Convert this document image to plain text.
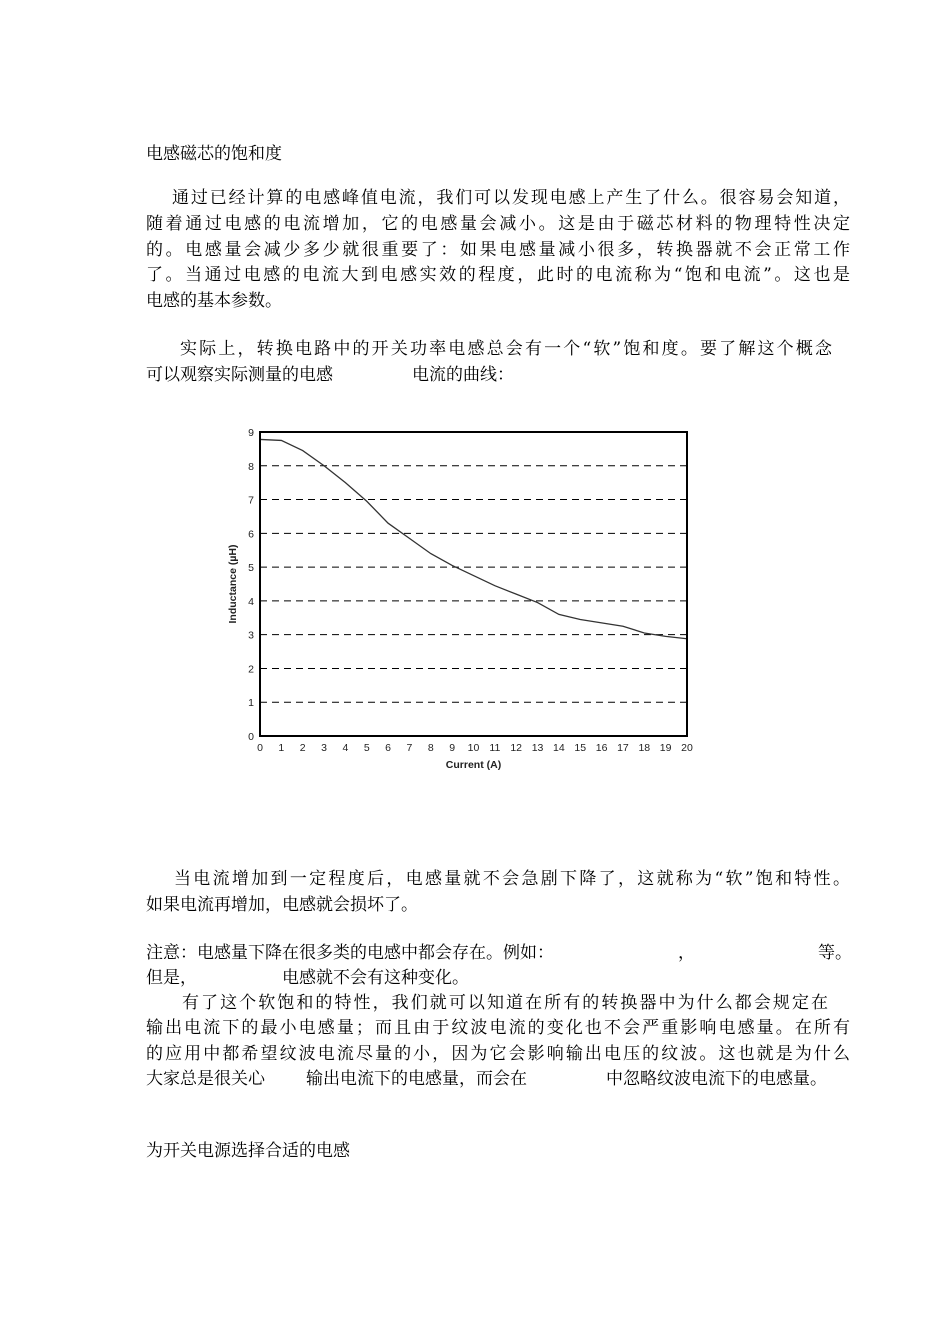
电感磁芯的饱和度

通过已经计算的电感峰值电流，我们可以发现电感上产生了什么。很容易会知道，

随着通过电感的电流增加，它的电感量会减小。这是由于磁芯材料的物理特性决定

的。电感量会减少多少就很重要了：如果电感量减小很多，转换器就不会正常工作

了。当通过电感的电流大到电感实效的程度，此时的电流称为“饱和电流”。这也是

电感的基本参数。

实际上，转换电路中的开关功率电感总会有一个“软”饱和度。要了解这个概念

可以观察实际测量的电感	电流的曲线：

0
1
2
3
4
5
6
7
8
9
0 1 2 3 4 5 6 7 8 9 10 11 12 13 14 15 16 17 18 19 20
Current (A)
Inductance (µH)

当电流增加到一定程度后，电感量就不会急剧下降了，这就称为“软”饱和特性。

如果电流再增加，电感就会损坏了。

注意：电感量下降在很多类的电感中都会存在。例如：	，	等。

但是，	电感就不会有这种变化。

有了这个软饱和的特性，我们就可以知道在所有的转换器中为什么都会规定在

输出电流下的最小电感量；而且由于纹波电流的变化也不会严重影响电感量。在所有

的应用中都希望纹波电流尽量的小，因为它会影响输出电压的纹波。这也就是为什么

大家总是很关心 输出电流下的电感量，而会在	中忽略纹波电流下的电感量。

为开关电源选择合适的电感
